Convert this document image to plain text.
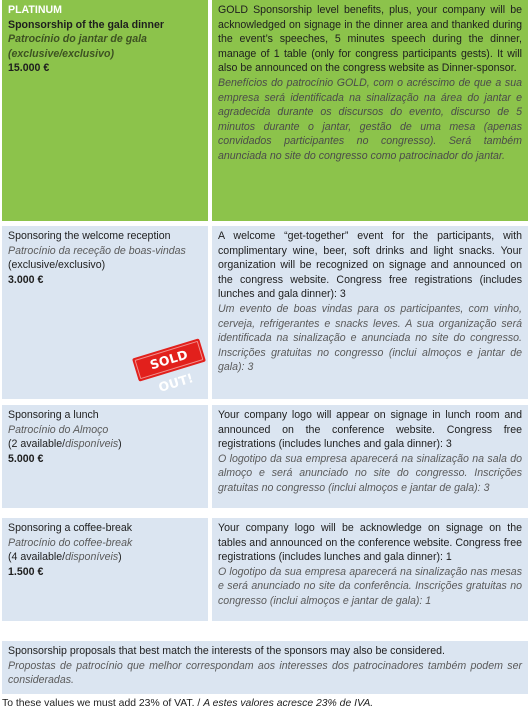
PLATINUM
Sponsorship of the gala dinner
Patrocínio do jantar de gala
(exclusive/exclusivo)

15.000 €
GOLD Sponsorship level benefits, plus, your company will be acknowledged on signage in the dinner area and thanked during the event’s speeches, 5 minutes speech during the dinner, manage of 1 table (only for congress participants gests). It will also be announced on the congress website as Dinner-sponsor.
Benefícios do patrocínio GOLD, com o acréscimo de que a sua empresa será identificada na sinalização na área do jantar e agradecida durante os discursos do evento, discurso de 5 minutos durante o jantar, gestão de uma mesa (apenas convidados participantes no congresso). Será também anunciada no site do congresso como patrocinador do jantar.
Sponsoring the welcome reception
Patrocínio da receção de boas-vindas
(exclusive/exclusivo)

3.000 €
SOLD OUT!
A welcome “get-together” event for the participants, with complimentary wine, beer, soft drinks and light snacks. Your organization will be recognized on signage and announced on the congress website. Congress free registrations (includes lunches and gala dinner): 3
Um evento de boas vindas para os participantes, com vinho, cerveja, refrigerantes e snacks leves. A sua organização será identificada na sinalização e anunciada no site do congresso. Inscrições gratuitas no congresso (inclui almoços e jantar de gala): 3
Sponsoring a lunch
Patrocínio do Almoço
(2 available/disponíveis)

5.000 €
Your company logo will appear on signage in lunch room and announced on the conference website. Congress free registrations (includes lunches and gala dinner): 3
O logotipo da sua empresa aparecerá na sinalização na sala do almoço e será anunciado no site do congresso. Inscrições gratuitas no congresso (inclui almoços e jantar de gala): 3
Sponsoring a coffee-break
Patrocínio do coffee-break
(4 available/disponíveis)

1.500 €
Your company logo will be acknowledge on signage on the tables and announced on the conference website. Congress free registrations (includes lunches and gala dinner): 1
O logotipo da sua empresa aparecerá na sinalização nas mesas e será anunciado no site da conferência. Inscrições gratuitas no congresso (inclui almoços e jantar de gala): 1
Sponsorship proposals that best match the interests of the sponsors may also be considered.
Propostas de patrocínio que melhor correspondam aos interesses dos patrocinadores também podem ser consideradas.
To these values we must add 23% of VAT. / A estes valores acresce 23% de IVA.
